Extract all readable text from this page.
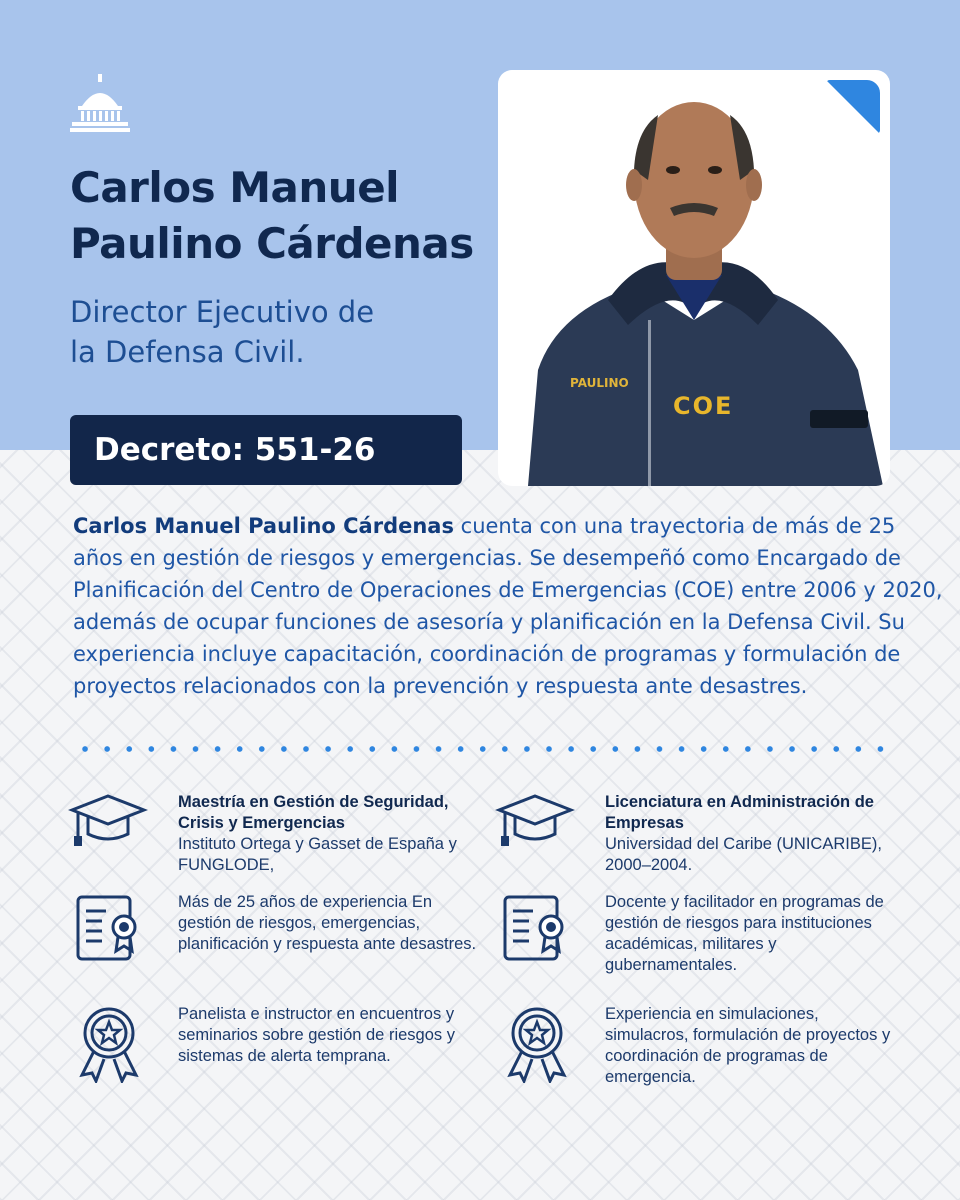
Carlos Manuel
Paulino Cárdenas
Director Ejecutivo de
la Defensa Civil.
Decreto: 551-26
PAULINO
COE
Carlos Manuel Paulino Cárdenas cuenta con una trayectoria de más de 25 años en gestión de riesgos y emergencias. Se desempeñó como Encargado de Planificación del Centro de Operaciones de Emergencias (COE) entre 2006 y 2020, además de ocupar funciones de asesoría y planificación en la Defensa Civil. Su experiencia incluye capacitación, coordinación de programas y formulación de proyectos relacionados con la prevención y respuesta ante desastres.
Maestría en Gestión de Seguridad, Crisis y Emergencias
Instituto Ortega y Gasset de España y FUNGLODE,
Licenciatura en Administración de Empresas
Universidad del Caribe (UNICARIBE), 2000–2004.
Más de 25 años de experiencia En gestión de riesgos, emergencias, planificación y respuesta ante desastres.
Docente y facilitador en programas de gestión de riesgos para instituciones académicas, militares y gubernamentales.
Panelista e instructor en encuentros y seminarios sobre gestión de riesgos y sistemas de alerta temprana.
Experiencia en simulaciones, simulacros, formulación de proyectos y coordinación de programas de emergencia.
